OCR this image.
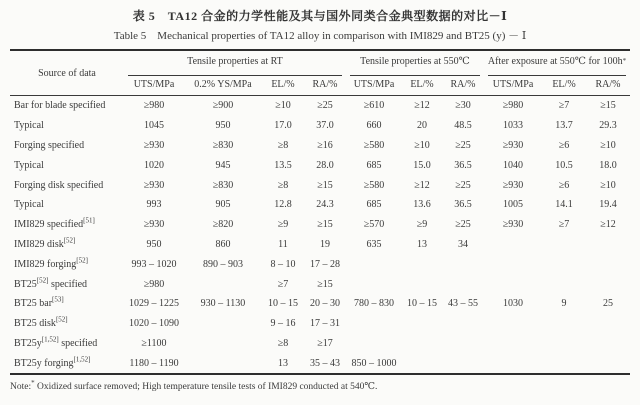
表 5　TA12 合金的力学性能及其与国外同类合金典型数据的对比－Ⅰ
Table 5　Mechanical properties of TA12 alloy in comparison with IMI829 and BT25 (y) － Ⅰ
Source of data	Tensile properties at RT				Tensile properties at 550℃			After exposure at 550℃ for 100h *		

	UTS/MPa	0.2% YS/MPa	EL/%	RA/%	UTS/MPa	EL/%	RA/%	UTS/MPa	EL/%	RA/%
Bar for blade specified	≥980	≥900	≥10	≥25	≥610	≥12	≥30	≥980	≥7	≥15
Typical	1045	950	17.0	37.0	660	20	48.5	1033	13.7	29.3
Forging specified	≥930	≥830	≥8	≥16	≥580	≥10	≥25	≥930	≥6	≥10
Typical	1020	945	13.5	28.0	685	15.0	36.5	1040	10.5	18.0
Forging disk specified	≥930	≥830	≥8	≥15	≥580	≥12	≥25	≥930	≥6	≥10
Typical	993	905	12.8	24.3	685	13.6	36.5	1005	14.1	19.4
IMI829 specified[51]	≥930	≥820	≥9	≥15	≥570	≥9	≥25	≥930	≥7	≥12
IMI829 disk[52]	950	860	11	19	635	13	34			
IMI829 forging[52]	993 – 1020	890 – 903	8 – 10	17 – 28						
BT25[52] specified	≥980		≥7	≥15						
BT25 bar[53]	1029 – 1225	930 – 1130	10 – 15	20 – 30	780 – 830	10 – 15	43 – 55	1030	9	25
BT25 disk[52]	1020 – 1090		9 – 16	17 – 31						
BT25y[1,52] specified	≥1100		≥8	≥17						
BT25y forging[1,52]	1180 – 1190		13	35 – 43	850 – 1000					
Note:* Oxidized surface removed; High temperature tensile tests of IMI829 conducted at 540℃.
